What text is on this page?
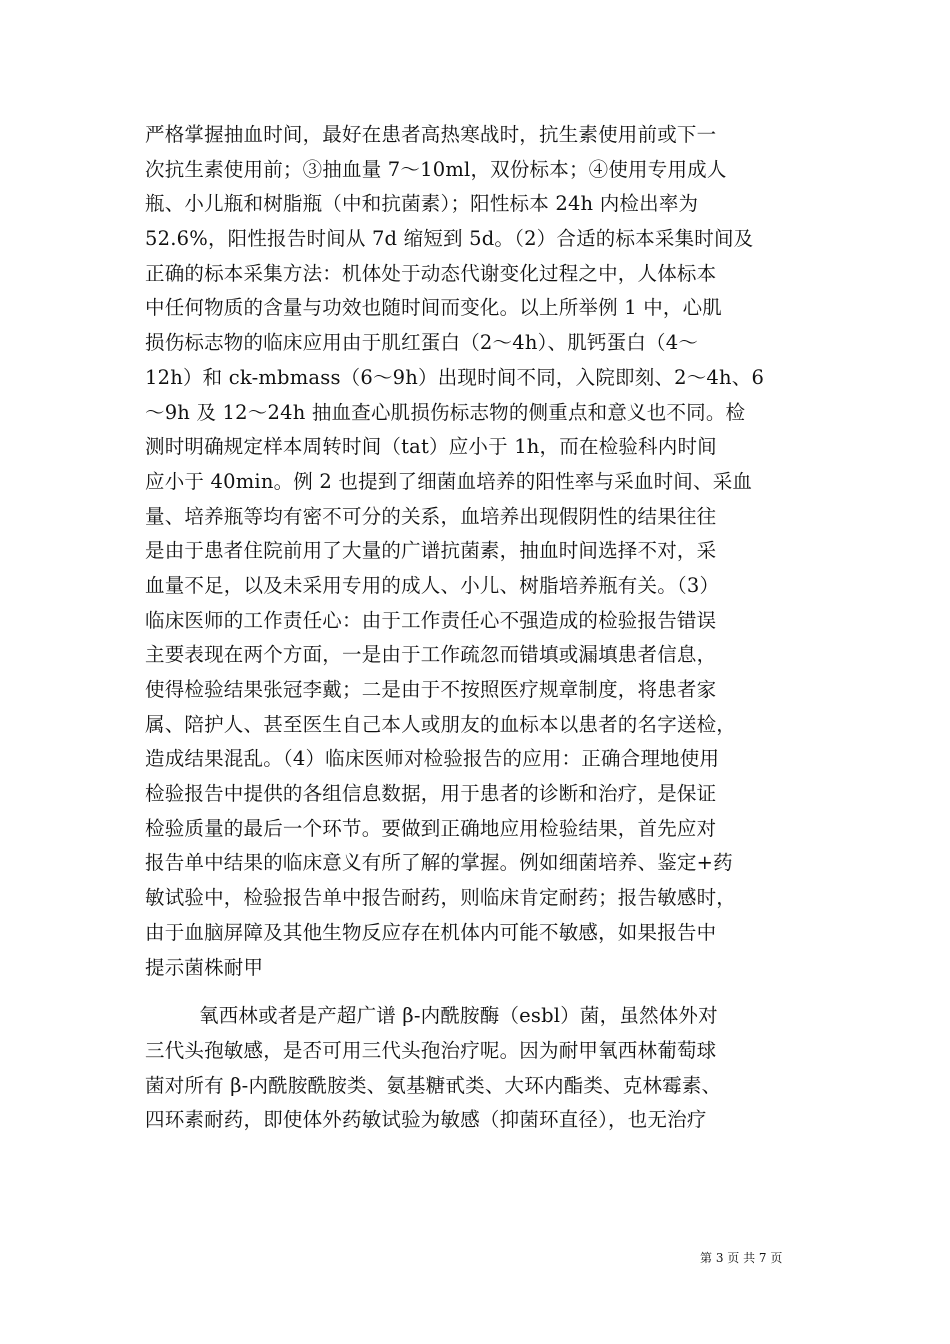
严格掌握抽血时间，最好在患者高热寒战时，抗生素使用前或下一
次抗生素使用前；③抽血量 7～10ml，双份标本；④使用专用成人
瓶、小儿瓶和树脂瓶（中和抗菌素）；阳性标本 24h 内检出率为
52.6%，阳性报告时间从 7d 缩短到 5d。（2）合适的标本采集时间及
正确的标本采集方法：机体处于动态代谢变化过程之中，人体标本
中任何物质的含量与功效也随时间而变化。以上所举例 1 中，心肌
损伤标志物的临床应用由于肌红蛋白（2～4h）、肌钙蛋白（4～
12h）和 ck-mbmass（6～9h）出现时间不同，入院即刻、2～4h、6
～9h 及 12～24h 抽血查心肌损伤标志物的侧重点和意义也不同。检
测时明确规定样本周转时间（tat）应小于 1h，而在检验科内时间
应小于 40min。例 2 也提到了细菌血培养的阳性率与采血时间、采血
量、培养瓶等均有密不可分的关系，血培养出现假阴性的结果往往
是由于患者住院前用了大量的广谱抗菌素，抽血时间选择不对，采
血量不足，以及未采用专用的成人、小儿、树脂培养瓶有关。（3）
临床医师的工作责任心：由于工作责任心不强造成的检验报告错误
主要表现在两个方面，一是由于工作疏忽而错填或漏填患者信息，
使得检验结果张冠李戴；二是由于不按照医疗规章制度，将患者家
属、陪护人、甚至医生自己本人或朋友的血标本以患者的名字送检，
造成结果混乱。（4）临床医师对检验报告的应用：正确合理地使用
检验报告中提供的各组信息数据，用于患者的诊断和治疗，是保证
检验质量的最后一个环节。要做到正确地应用检验结果，首先应对
报告单中结果的临床意义有所了解的掌握。例如细菌培养、鉴定+药
敏试验中，检验报告单中报告耐药，则临床肯定耐药；报告敏感时，
由于血脑屏障及其他生物反应存在机体内可能不敏感，如果报告中
提示菌株耐甲
氧西林或者是产超广谱 β-内酰胺酶（esbl）菌，虽然体外对
三代头孢敏感，是否可用三代头孢治疗呢。因为耐甲氧西林葡萄球
菌对所有 β-内酰胺酰胺类、氨基糖甙类、大环内酯类、克林霉素、
四环素耐药，即使体外药敏试验为敏感（抑菌环直径），也无治疗
第 3 页 共 7 页
